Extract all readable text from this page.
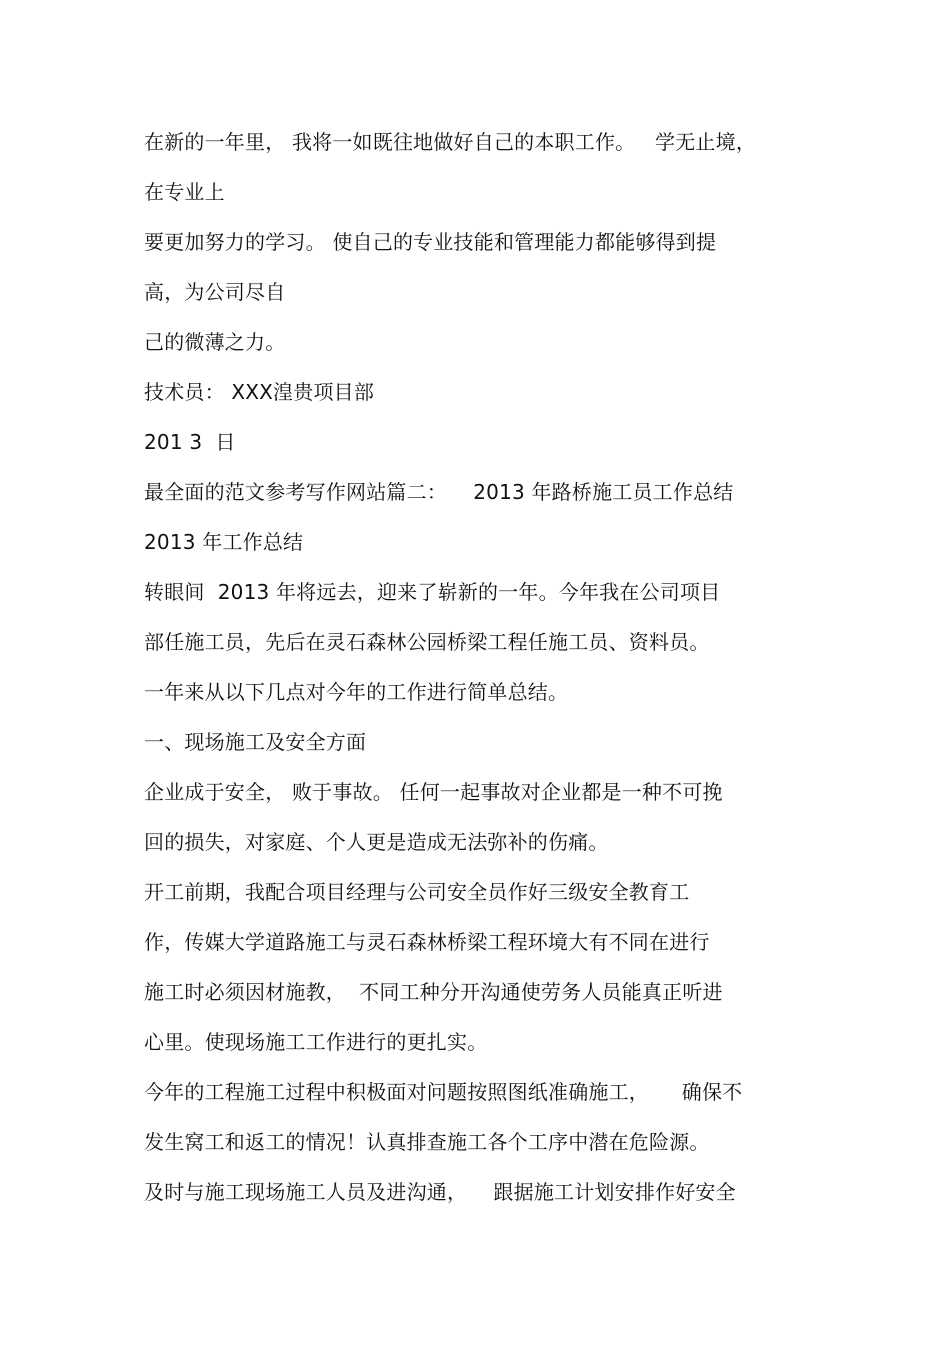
在新的一年里， 我将一如既往地做好自己的本职工作。   学无止境，
在专业上
要更加努力的学习。 使自己的专业技能和管理能力都能够得到提
高，为公司尽自
己的微薄之力。
技术员： XXX湟贵项目部
201 3  日
最全面的范文参考写作网站篇二：    2013 年路桥施工员工作总结
2013 年工作总结
转眼间  2013 年将远去，迎来了崭新的一年。今年我在公司项目
部任施工员，先后在灵石森林公园桥梁工程任施工员、资料员。
一年来从以下几点对今年的工作进行简单总结。
一、现场施工及安全方面
企业成于安全， 败于事故。 任何一起事故对企业都是一种不可挽
回的损失，对家庭、个人更是造成无法弥补的伤痛。
开工前期，我配合项目经理与公司安全员作好三级安全教育工
作，传媒大学道路施工与灵石森林桥梁工程环境大有不同在进行
施工时必须因材施教，  不同工种分开沟通使劳务人员能真正听进
心里。使现场施工工作进行的更扎实。
今年的工程施工过程中积极面对问题按照图纸准确施工，     确保不
发生窝工和返工的情况！认真排查施工各个工序中潜在危险源。
及时与施工现场施工人员及进沟通，    跟据施工计划安排作好安全
